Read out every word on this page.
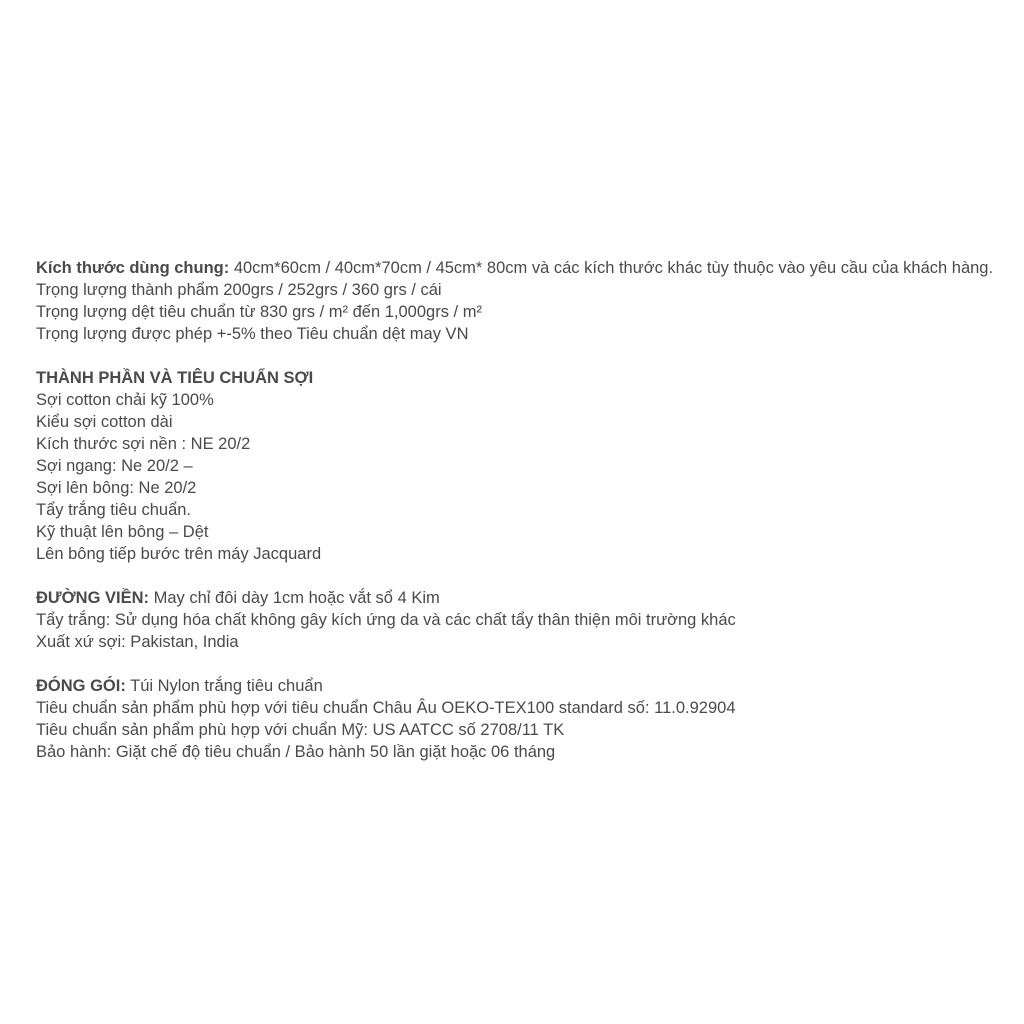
Kích thước dùng chung: 40cm*60cm / 40cm*70cm / 45cm* 80cm và các kích thước khác tùy thuộc vào yêu cầu của khách hàng.
Trọng lượng thành phẩm 200grs / 252grs / 360 grs / cái
Trọng lượng dệt tiêu chuẩn từ 830 grs / m² đến 1,000grs / m²
Trọng lượng được phép +-5% theo Tiêu chuẩn dệt may VN
THÀNH PHẦN VÀ TIÊU CHUẨN SỢI
Sợi cotton chải kỹ 100%
Kiểu sợi cotton dài
Kích thước sợi nền : NE 20/2
Sợi ngang: Ne 20/2 –
Sợi lên bông: Ne 20/2
Tẩy trắng tiêu chuẩn.
Kỹ thuật lên bông – Dệt
Lên bông tiếp bước trên máy Jacquard
ĐƯỜNG VIỀN: May chỉ đôi dày 1cm hoặc vắt sổ 4 Kim
Tẩy trắng: Sử dụng hóa chất không gây kích ứng da và các chất tẩy thân thiện môi trường khác
Xuất xứ sợi: Pakistan, India
ĐÓNG GÓI: Túi Nylon trắng tiêu chuẩn
Tiêu chuẩn sản phẩm phù hợp với tiêu chuẩn Châu Âu OEKO-TEX100 standard số: 11.0.92904
Tiêu chuẩn sản phẩm phù hợp với chuẩn Mỹ: US AATCC số 2708/11 TK
Bảo hành: Giặt chế độ tiêu chuẩn / Bảo hành 50 lần giặt hoặc 06 tháng
